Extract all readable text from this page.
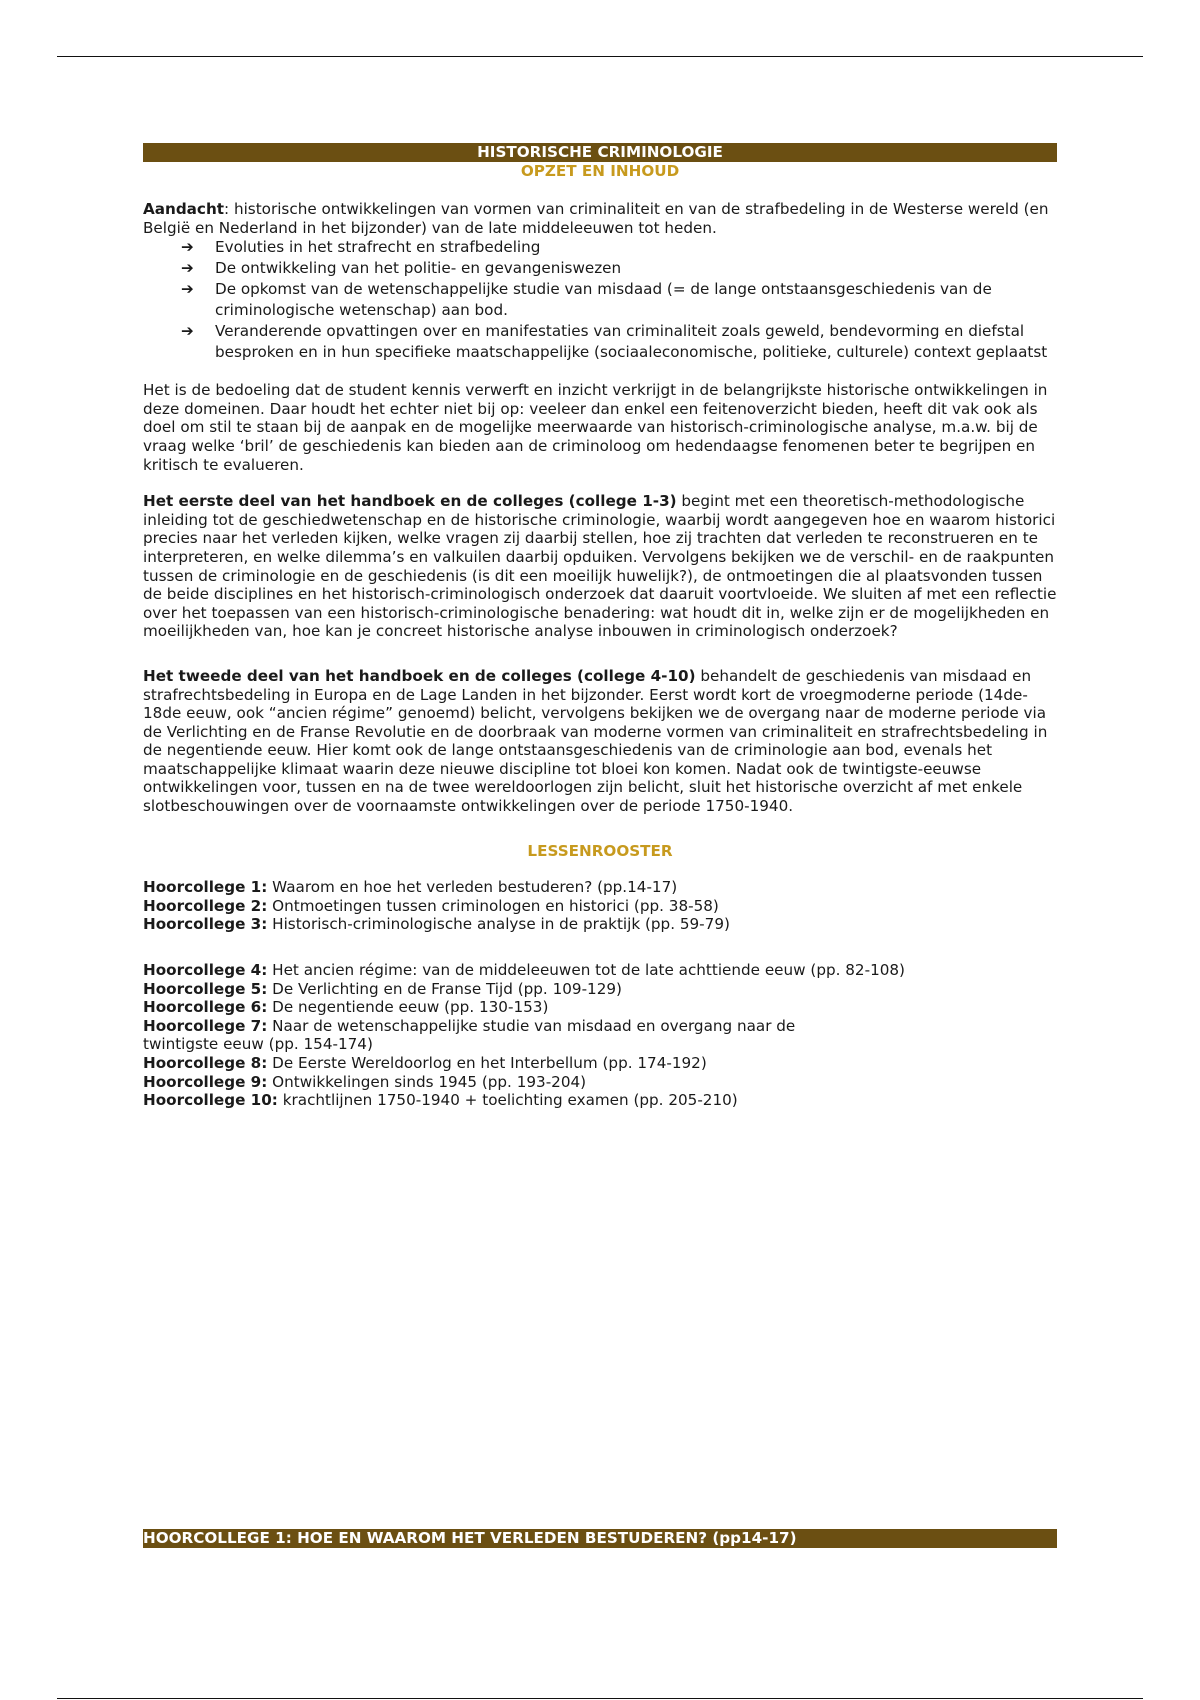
HISTORISCHE CRIMINOLOGIE
OPZET EN INHOUD

Aandacht: historische ontwikkelingen van vormen van criminaliteit en van de strafbedeling in de Westerse wereld (en België en Nederland in het bijzonder) van de late middeleeuwen tot heden.

➔ Evoluties in het strafrecht en strafbedeling
➔ De ontwikkeling van het politie- en gevangeniswezen
➔ De opkomst van de wetenschappelijke studie van misdaad (= de lange ontstaansgeschiedenis van de criminologische wetenschap) aan bod.
➔ Veranderende opvattingen over en manifestaties van criminaliteit zoals geweld, bendevorming en diefstal besproken en in hun specifieke maatschappelijke (sociaaleconomische, politieke, culturele) context geplaatst

Het is de bedoeling dat de student kennis verwerft en inzicht verkrijgt in de belangrijkste historische ontwikkelingen in deze domeinen. Daar houdt het echter niet bij op: veeleer dan enkel een feitenoverzicht bieden, heeft dit vak ook als doel om stil te staan bij de aanpak en de mogelijke meerwaarde van historisch-criminologische analyse, m.a.w. bij de vraag welke ‘bril’ de geschiedenis kan bieden aan de criminoloog om hedendaagse fenomenen beter te begrijpen en kritisch te evalueren.

Het eerste deel van het handboek en de colleges (college 1-3) begint met een theoretisch-methodologische inleiding tot de geschiedwetenschap en de historische criminologie, waarbij wordt aangegeven hoe en waarom historici precies naar het verleden kijken, welke vragen zij daarbij stellen, hoe zij trachten dat verleden te reconstrueren en te interpreteren, en welke dilemma’s en valkuilen daarbij opduiken. Vervolgens bekijken we de verschil- en de raakpunten tussen de criminologie en de geschiedenis (is dit een moeilijk huwelijk?), de ontmoetingen die al plaatsvonden tussen de beide disciplines en het historisch-criminologisch onderzoek dat daaruit voortvloeide. We sluiten af met een reflectie over het toepassen van een historisch-criminologische benadering: wat houdt dit in, welke zijn er de mogelijkheden en moeilijkheden van, hoe kan je concreet historische analyse inbouwen in criminologisch onderzoek?

Het tweede deel van het handboek en de colleges (college 4-10) behandelt de geschiedenis van misdaad en strafrechtsbedeling in Europa en de Lage Landen in het bijzonder. Eerst wordt kort de vroegmoderne periode (14de-18de eeuw, ook “ancien régime” genoemd) belicht, vervolgens bekijken we de overgang naar de moderne periode via de Verlichting en de Franse Revolutie en de doorbraak van moderne vormen van criminaliteit en strafrechtsbedeling in de negentiende eeuw. Hier komt ook de lange ontstaansgeschiedenis van de criminologie aan bod, evenals het maatschappelijke klimaat waarin deze nieuwe discipline tot bloei kon komen. Nadat ook de twintigste-eeuwse ontwikkelingen voor, tussen en na de twee wereldoorlogen zijn belicht, sluit het historische overzicht af met enkele slotbeschouwingen over de voornaamste ontwikkelingen over de periode 1750-1940.

LESSENROOSTER
Hoorcollege 1: Waarom en hoe het verleden bestuderen? (pp.14-17)
Hoorcollege 2: Ontmoetingen tussen criminologen en historici (pp. 38-58)
Hoorcollege 3: Historisch-criminologische analyse in de praktijk (pp. 59-79)
Hoorcollege 4: Het ancien régime: van de middeleeuwen tot de late achttiende eeuw (pp. 82-108)
Hoorcollege 5: De Verlichting en de Franse Tijd (pp. 109-129)
Hoorcollege 6: De negentiende eeuw (pp. 130-153)
Hoorcollege 7: Naar de wetenschappelijke studie van misdaad en overgang naar de twintigste eeuw (pp. 154-174)
Hoorcollege 8: De Eerste Wereldoorlog en het Interbellum (pp. 174-192)
Hoorcollege 9: Ontwikkelingen sinds 1945 (pp. 193-204)
Hoorcollege 10: krachtlijnen 1750-1940 + toelichting examen (pp. 205-210)
HOORCOLLEGE 1: HOE EN WAAROM HET VERLEDEN BESTUDEREN? (pp14-17)
